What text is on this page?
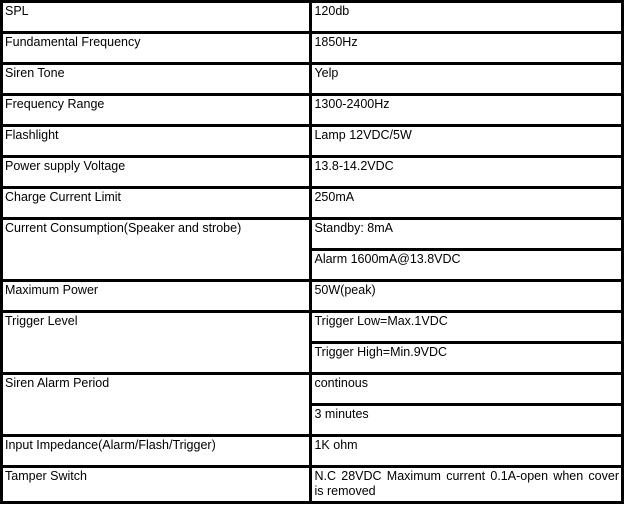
SPL	120db
Fundamental Frequency	1850Hz
Siren Tone	Yelp
Frequency Range	1300-2400Hz
Flashlight	Lamp 12VDC/5W
Power supply Voltage	13.8-14.2VDC
Charge Current Limit	250mA
Current Consumption(Speaker and strobe)	Standby: 8mA
	Alarm 1600mA@13.8VDC
Maximum Power	50W(peak)
Trigger Level	Trigger Low=Max.1VDC
	Trigger High=Min.9VDC
Siren Alarm Period	continous
	3 minutes
Input Impedance(Alarm/Flash/Trigger)	1K ohm
Tamper Switch	N.C 28VDC Maximum current 0.1A-open when cover is removed
